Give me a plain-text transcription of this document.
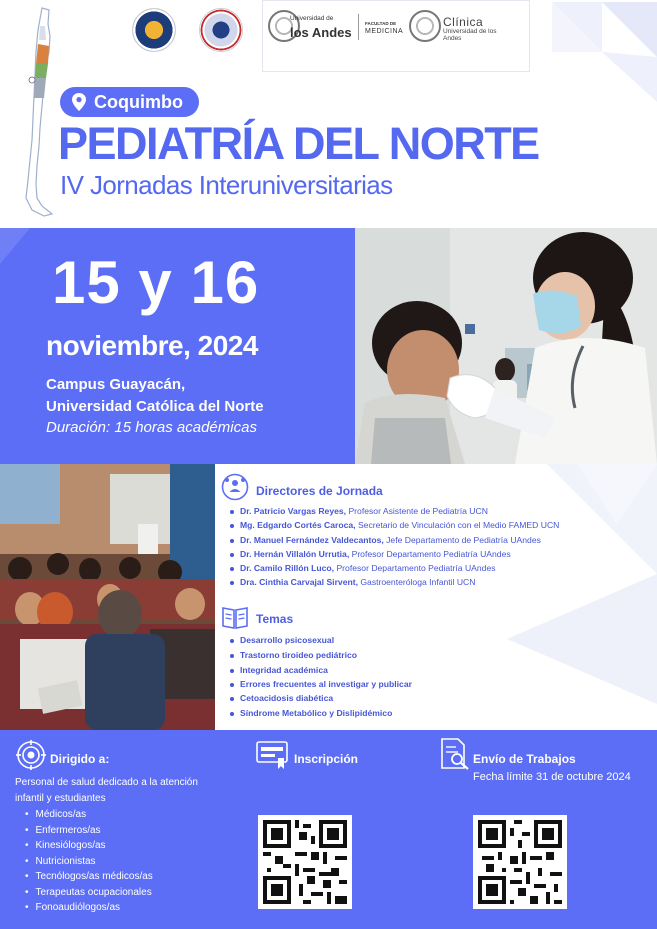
Universidad de
los Andes
FACULTAD DE
MEDICINA
Clínica
Universidad de los Andes
Coquimbo
PEDIATRÍA DEL NORTE
IV Jornadas Interuniversitarias
15 y 16
noviembre, 2024
Campus Guayacán,
Universidad Católica del Norte
Duración: 15 horas académicas
Directores de Jornada
Dr. Patricio Vargas Reyes, Profesor Asistente de Pediatría UCN
Mg. Edgardo Cortés Caroca, Secretario de Vinculación con el Medio FAMED UCN
Dr. Manuel Fernández Valdecantos, Jefe Departamento de Pediatría UAndes
Dr. Hernán Villalón Urrutia, Profesor Departamento Pediatría UAndes
Dr. Camilo Rillón Luco, Profesor Departamento Pediatría UAndes
Dra. Cinthia Carvajal Sirvent, Gastroenteróloga Infantil UCN
Temas
Desarrollo psicosexual
Trastorno tiroideo pediátrico
Integridad académica
Errores frecuentes al investigar y publicar
Cetoacidosis diabética
Síndrome Metabólico y Dislipidémico
Dirigido a:
Personal de salud dedicado a la atención
infantil y estudiantes
• Médicos/as
• Enfermeros/as
• Kinesiólogos/as
• Nutricionistas
• Tecnólogos/as médicos/as
• Terapeutas ocupacionales
• Fonoaudiólogos/as
Inscripción	Envío de Trabajos
Fecha límite 31 de octubre 2024
